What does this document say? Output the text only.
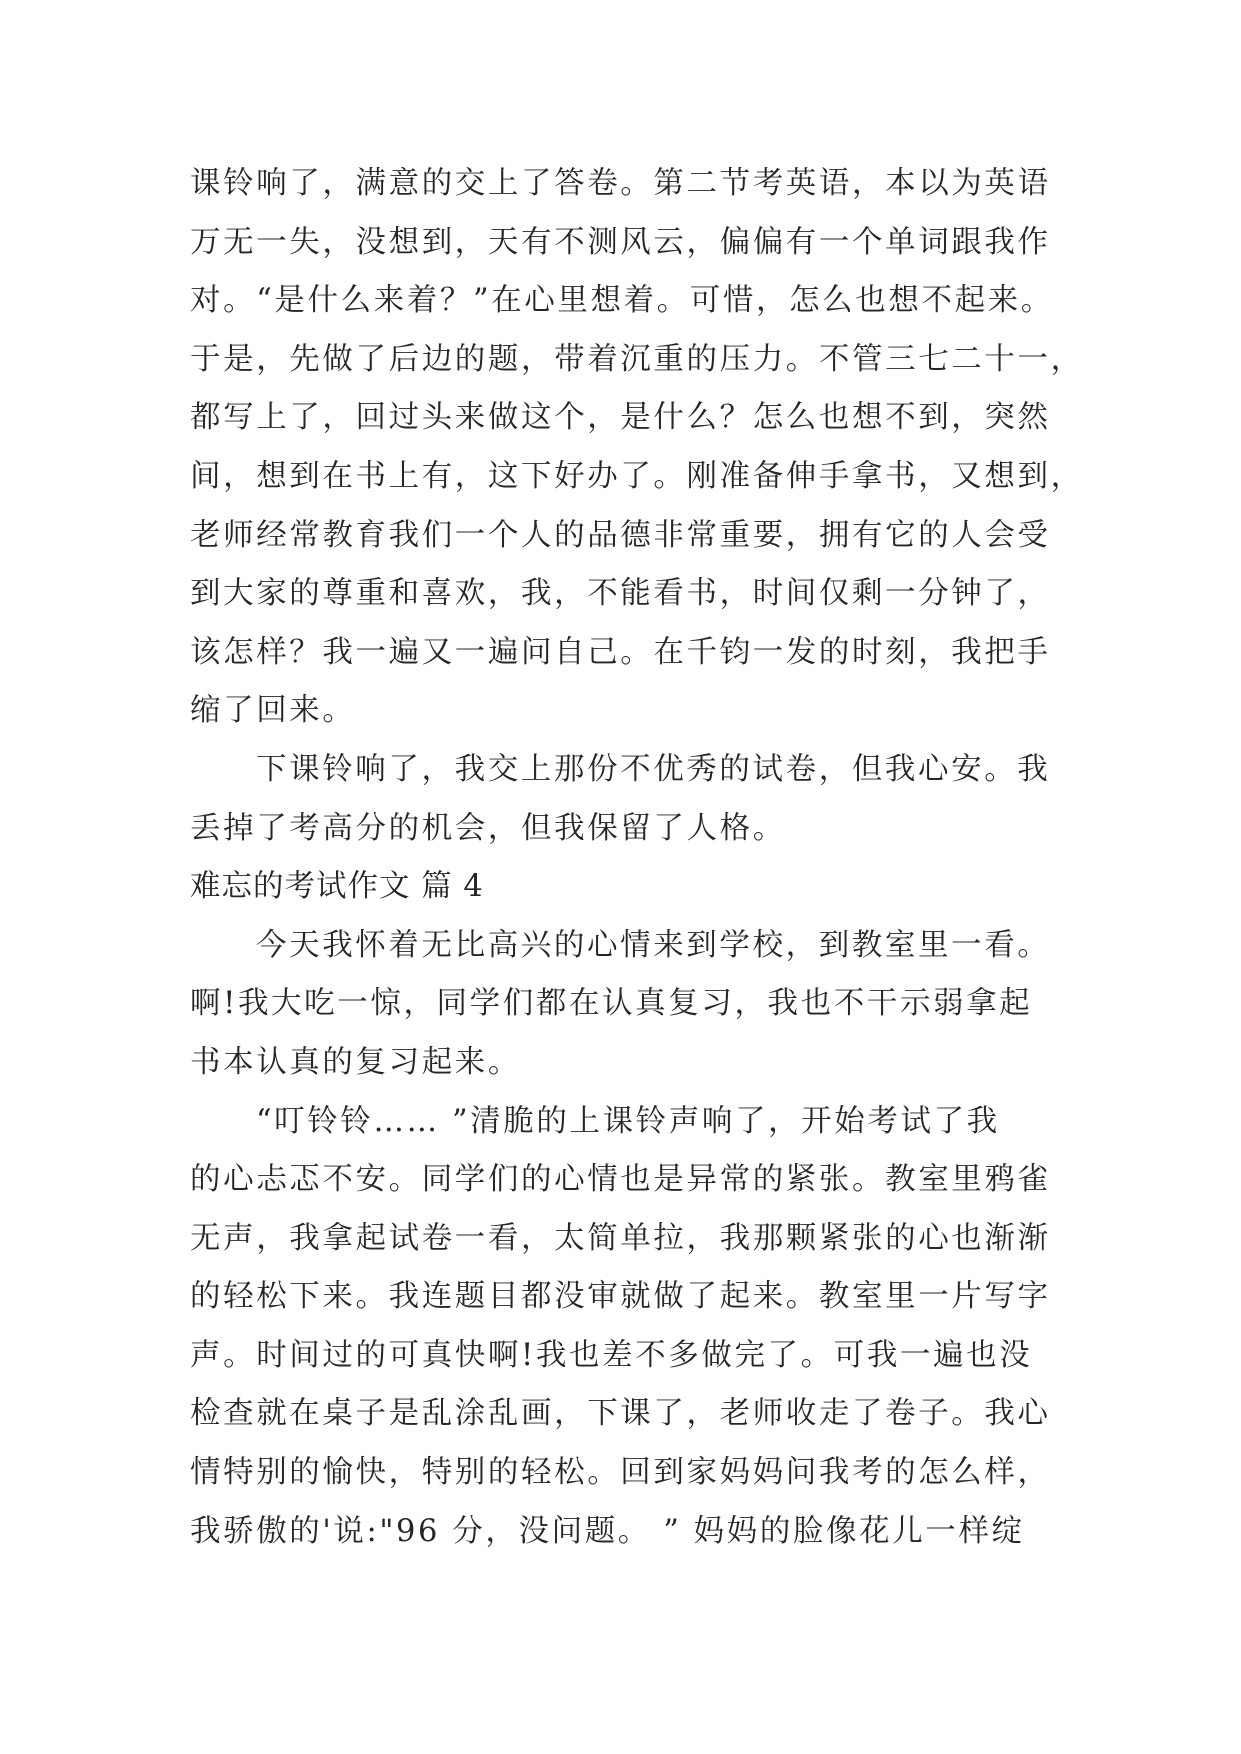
课铃响了，满意的交上了答卷。第二节考英语，本以为英语
万无一失，没想到，天有不测风云，偏偏有一个单词跟我作
对。“是什么来着？”在心里想着。可惜，怎么也想不起来。
于是，先做了后边的题，带着沉重的压力。不管三七二十一，
都写上了，回过头来做这个，是什么？怎么也想不到，突然
间，想到在书上有，这下好办了。刚准备伸手拿书，又想到，
老师经常教育我们一个人的品德非常重要，拥有它的人会受
到大家的尊重和喜欢，我，不能看书，时间仅剩一分钟了，
该怎样？我一遍又一遍问自己。在千钧一发的时刻，我把手
缩了回来。
下课铃响了，我交上那份不优秀的试卷，但我心安。我
丢掉了考高分的机会，但我保留了人格。
难忘的考试作文 篇 4
今天我怀着无比高兴的心情来到学校，到教室里一看。
啊!我大吃一惊，同学们都在认真复习，我也不干示弱拿起
书本认真的复习起来。
“叮铃铃…… ”清脆的上课铃声响了，开始考试了我
的心忐忑不安。同学们的心情也是异常的紧张。教室里鸦雀
无声，我拿起试卷一看，太简单拉，我那颗紧张的心也渐渐
的轻松下来。我连题目都没审就做了起来。教室里一片写字
声。时间过的可真快啊!我也差不多做完了。可我一遍也没
检查就在桌子是乱涂乱画，下课了，老师收走了卷子。我心
情特别的愉快，特别的轻松。回到家妈妈问我考的怎么样，
我骄傲的'说:"96 分，没问题。 ” 妈妈的脸像花儿一样绽
